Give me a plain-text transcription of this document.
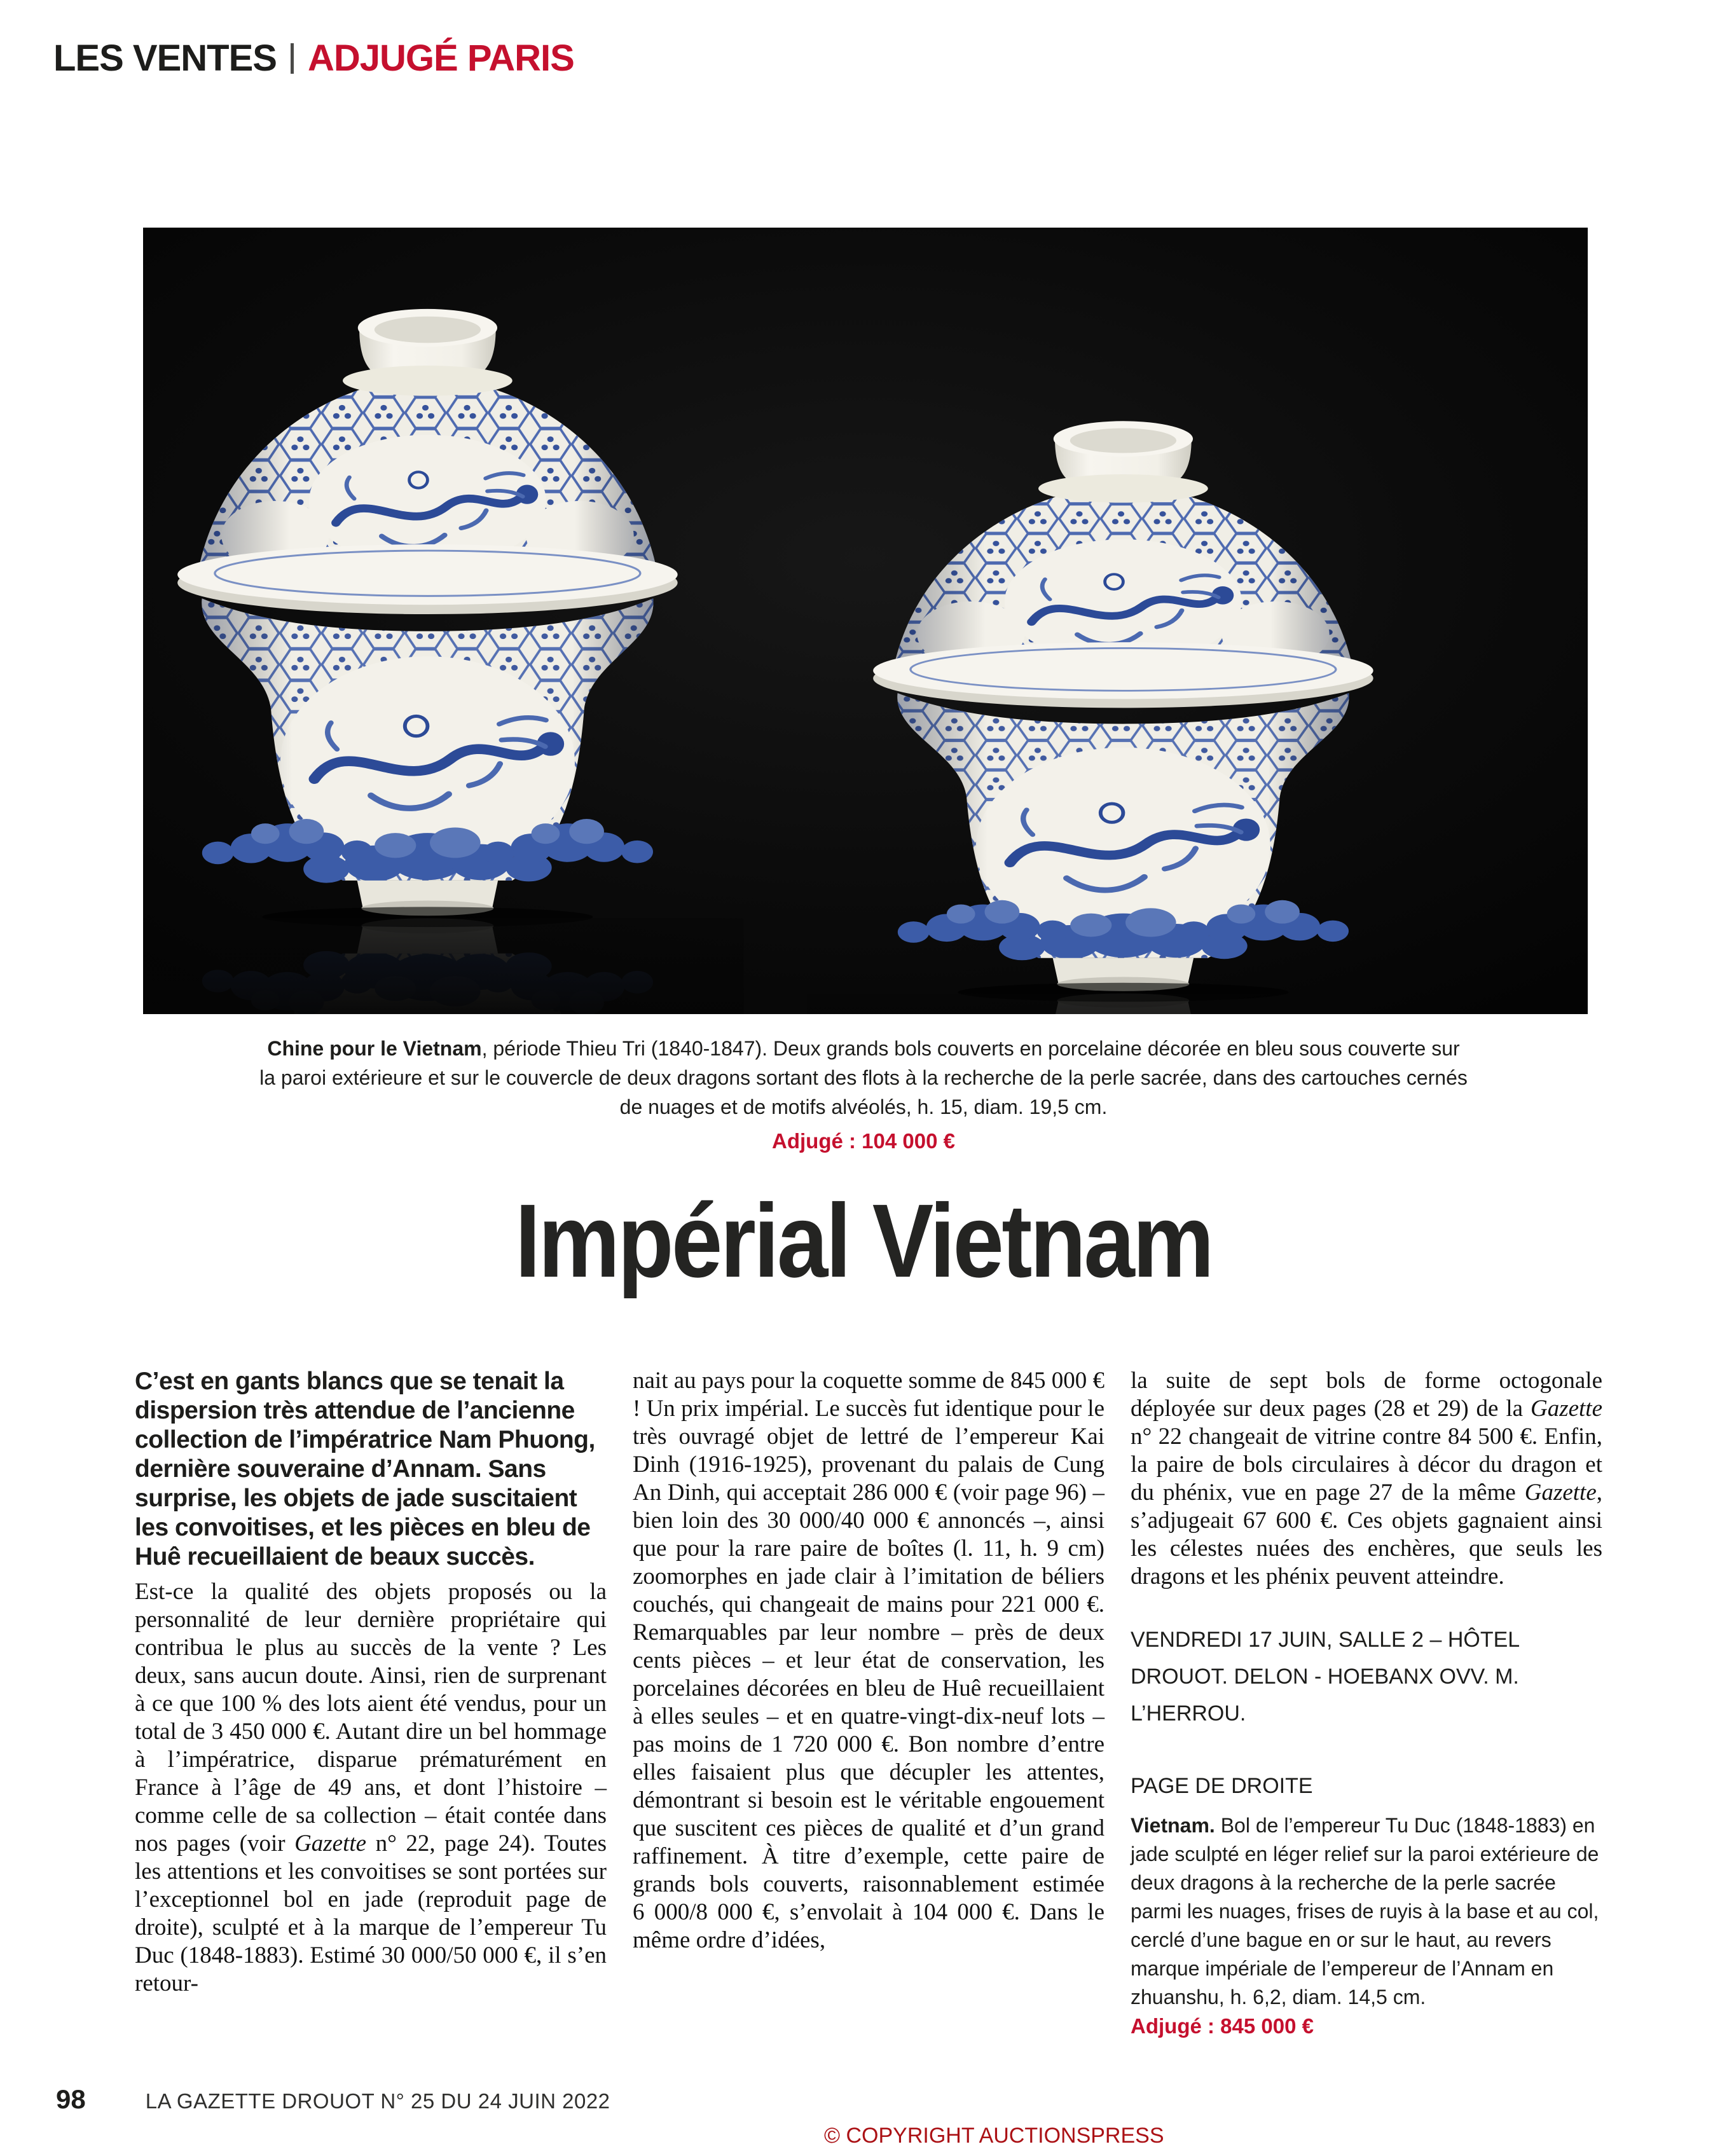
LES VENTES ADJUGÉ PARIS
Chine pour le Vietnam, période Thieu Tri (1840-1847). Deux grands bols couverts en porcelaine décorée en bleu sous couverte sur la paroi extérieure et sur le couvercle de deux dragons sortant des flots à la recherche de la perle sacrée, dans des cartouches cernés de nuages et de motifs alvéolés, h. 15, diam. 19,5 cm.
Adjugé : 104 000 €
Impérial Vietnam

C’est en gants blancs que se tenait la dispersion très attendue de l’ancienne collection de l’impératrice Nam Phuong, dernière souveraine d’Annam. Sans surprise, les objets de jade suscitaient les convoitises, et les pièces en bleu de Huê recueillaient de beaux succès.

Est-ce la qualité des objets proposés ou la personnalité de leur dernière propriétaire qui contribua le plus au succès de la vente ? Les deux, sans aucun doute. Ainsi, rien de surprenant à ce que 100 % des lots aient été vendus, pour un total de 3 450 000 €. Autant dire un bel hommage à l’impératrice, disparue prématurément en France à l’âge de 49 ans, et dont l’histoire – comme celle de sa collection – était contée dans nos pages (voir Gazette n° 22, page 24). Toutes les attentions et les convoitises se sont portées sur l’exceptionnel bol en jade (reproduit page de droite), sculpté et à la marque de l’empereur Tu Duc (1848-1883). Estimé 30 000/50 000 €, il s’en retour-

nait au pays pour la coquette somme de 845 000 € ! Un prix impérial. Le succès fut identique pour le très ouvragé objet de lettré de l’empereur Kai Dinh (1916-1925), provenant du palais de Cung An Dinh, qui acceptait 286 000 € (voir page 96) – bien loin des 30 000/40 000 € annoncés –, ainsi que pour la rare paire de boîtes (l. 11, h. 9 cm) zoomorphes en jade clair à l’imitation de béliers couchés, qui changeait de mains pour 221 000 €. Remarquables par leur nombre – près de deux cents pièces – et leur état de conservation, les porcelaines décorées en bleu de Huê recueillaient à elles seules – et en quatre-vingt-dix-neuf lots – pas moins de 1 720 000 €. Bon nombre d’entre elles faisaient plus que décupler les attentes, démontrant si besoin est le véritable engouement que suscitent ces pièces de qualité et d’un grand raffinement. À titre d’exemple, cette paire de grands bols couverts, raisonnablement estimée 6 000/8 000 €, s’envolait à 104 000 €. Dans le même ordre d’idées,

la suite de sept bols de forme octogonale déployée sur deux pages (28 et 29) de la Gazette n° 22 changeait de vitrine contre 84 500 €. Enfin, la paire de bols circulaires à décor du dragon et du phénix, vue en page 27 de la même Gazette, s’adjugeait 67 600 €. Ces objets gagnaient ainsi les célestes nuées des enchères, que seuls les dragons et les phénix peuvent atteindre.

VENDREDI 17 JUIN, SALLE 2 – HÔTEL DROUOT. DELON - HOEBANX OVV. M. L’HERROU.

PAGE DE DROITE

Vietnam. Bol de l’empereur Tu Duc (1848-1883) en jade sculpté en léger relief sur la paroi extérieure de deux dragons à la recherche de la perle sacrée parmi les nuages, frises de ruyis à la base et au col, cerclé d’une bague en or sur le haut, au revers marque impériale de l’empereur de l’Annam en zhuanshu, h. 6,2, diam. 14,5 cm.

Adjugé : 845 000 €

98	LA GAZETTE DROUOT N° 25 DU 24 JUIN 2022
© COPYRIGHT AUCTIONSPRESS
